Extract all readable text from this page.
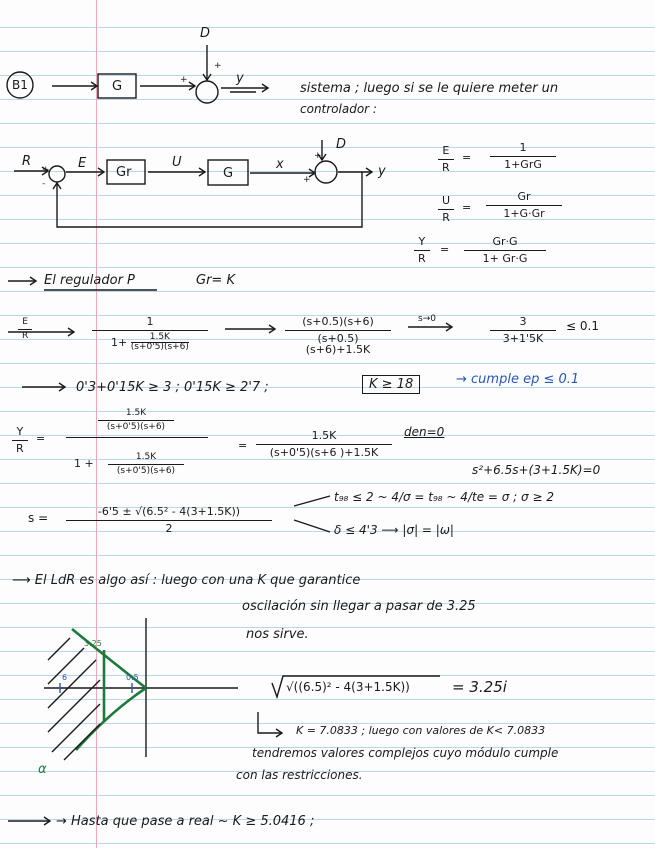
B1
D
G	+
+
y
sistema ; luego si se le quiere meter un
controlador :
R
+
-
E
Gr
U
G
x
D
+
+
y	$\frac{E}{R}$ =
1
1+GrG
$\frac{U}{R} = \frac{Gr}{1+G\cdot Gr}$
$\frac{Y}{R} = \frac{Gr\cdot G}{1+ Gr\cdot G}$
El regulador P	Gr= K
$\frac{E}{R}$	$\frac{1}{1+ \frac{1.5K}{(s+0'5)(s+6)}}$	$\frac{(s+0.5)(s+6)}{(s+0.5)(s+6)+1.5K}$	s→0	$\frac{3}{3+1'5K} \le 0.1$
0'3+0'15K ≥ 3 ; 0'15K ≥ 2'7 ;	K ≥ 18	→ cumple ep ≤ 0.1
$\frac{Y}{R}$ =
$\frac{1.5K}{(s+0'5)(s+6)}$
$1 + \frac{1.5K}{(s+0'5)(s+6)}$
= $\frac{1.5K}{(s+0'5)(s+6 )+1.5K} den=0$
s²+6.5s+(3+1.5K)=0
$s = \frac{\text{-6'5 ± √(6.5² - 4(3+1.5K))}}{2}$
t₉₈ ≤ 2 ~ 4/σ = t₉₈ ~ 4/te = σ ; σ ≥ 2
δ ≤ 4'3 ⟶ |σ| = |ω|
⟶ El LdR es algo así : luego con una K que garantice
oscilación sin llegar a pasar de 3.25
nos sirve.
3.25
6	0.5
α
√((6.5)² - 4(3+1.5K))	= 3.25i
K = 7.0833 ; luego con valores de K< 7.0833
tendremos valores complejos cuyo módulo cumple
con las restricciones.
→ Hasta que pase a real ~ K ≥ 5.0416 ;
